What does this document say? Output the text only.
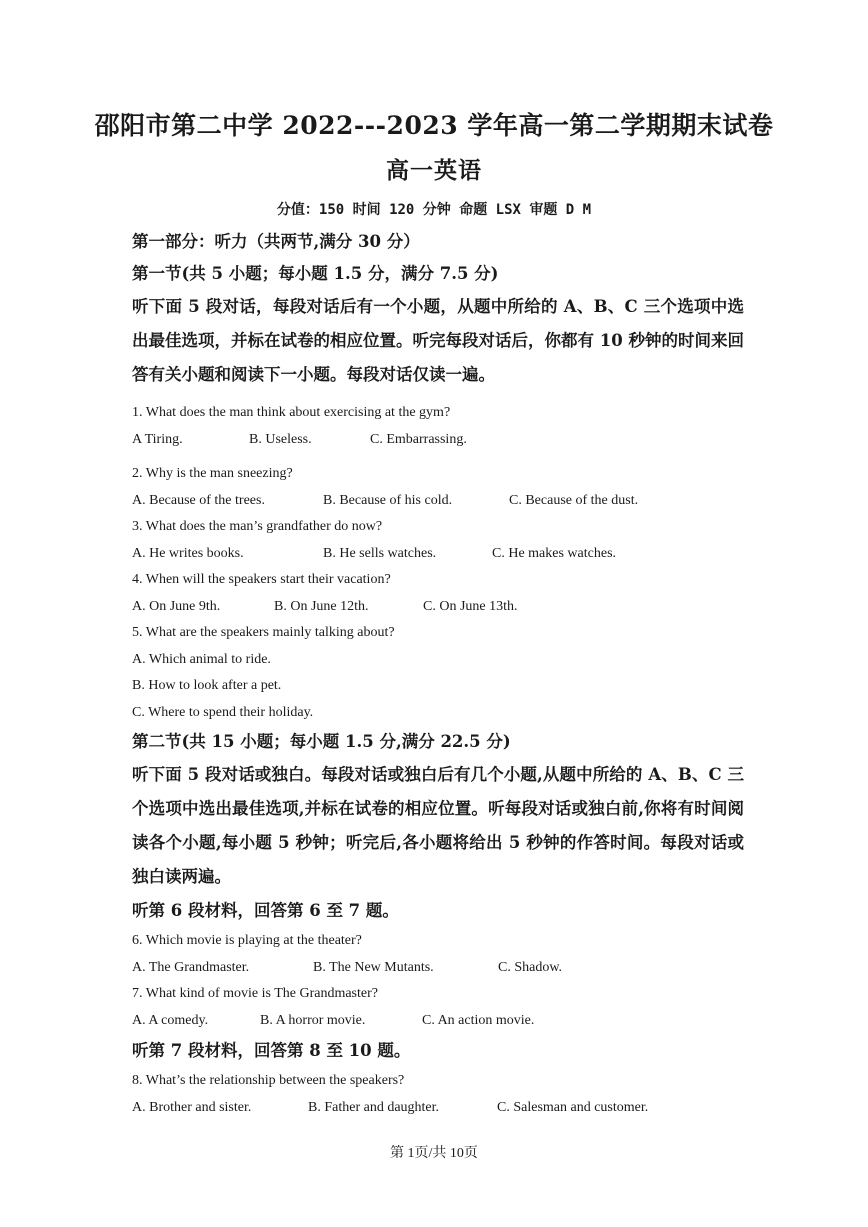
邵阳市第二中学 2022---2023 学年高一第二学期期末试卷
高一英语
分值：150 时间 120 分钟 命题 LSX 审题 D M

第一部分：听力（共两节,满分 30 分）

第一节(共 5 小题；每小题 1.5 分，满分 7.5 分)

听下面 5 段对话，每段对话后有一个小题，从题中所给的 A、B、C 三个选项中选出最佳选项，并标在试卷的相应位置。听完每段对话后，你都有 10 秒钟的时间来回答有关小题和阅读下一小题。每段对话仅读一遍。

1. What does the man think about exercising at the gym?

A Tiring.	B. Useless.	C. Embarrassing.

2. Why is the man sneezing?

A. Because of the trees.	B. Because of his cold.	C. Because of the dust.

3. What does the man’s grandfather do now?

A. He writes books.	B. He sells watches.	C. He makes watches.

4. When will the speakers start their vacation?

A. On June 9th.	B. On June 12th.	C. On June 13th.

5. What are the speakers mainly talking about?

A. Which animal to ride.

B. How to look after a pet.

C. Where to spend their holiday.

第二节(共 15 小题；每小题 1.5 分,满分 22.5 分)

听下面 5 段对话或独白。每段对话或独白后有几个小题,从题中所给的 A、B、C 三个选项中选出最佳选项,并标在试卷的相应位置。听每段对话或独白前,你将有时间阅读各个小题,每小题 5 秒钟；听完后,各小题将给出 5 秒钟的作答时间。每段对话或独白读两遍。

听第 6 段材料，回答第 6 至 7 题。

6. Which movie is playing at the theater?

A. The Grandmaster.	B. The New Mutants.	C. Shadow.

7. What kind of movie is The Grandmaster?

A. A comedy.	B. A horror movie.	C. An action movie.

听第 7 段材料，回答第 8 至 10 题。

8. What’s the relationship between the speakers?

A. Brother and sister.	B. Father and daughter.	C. Salesman and customer.
第 1页/共 10页
